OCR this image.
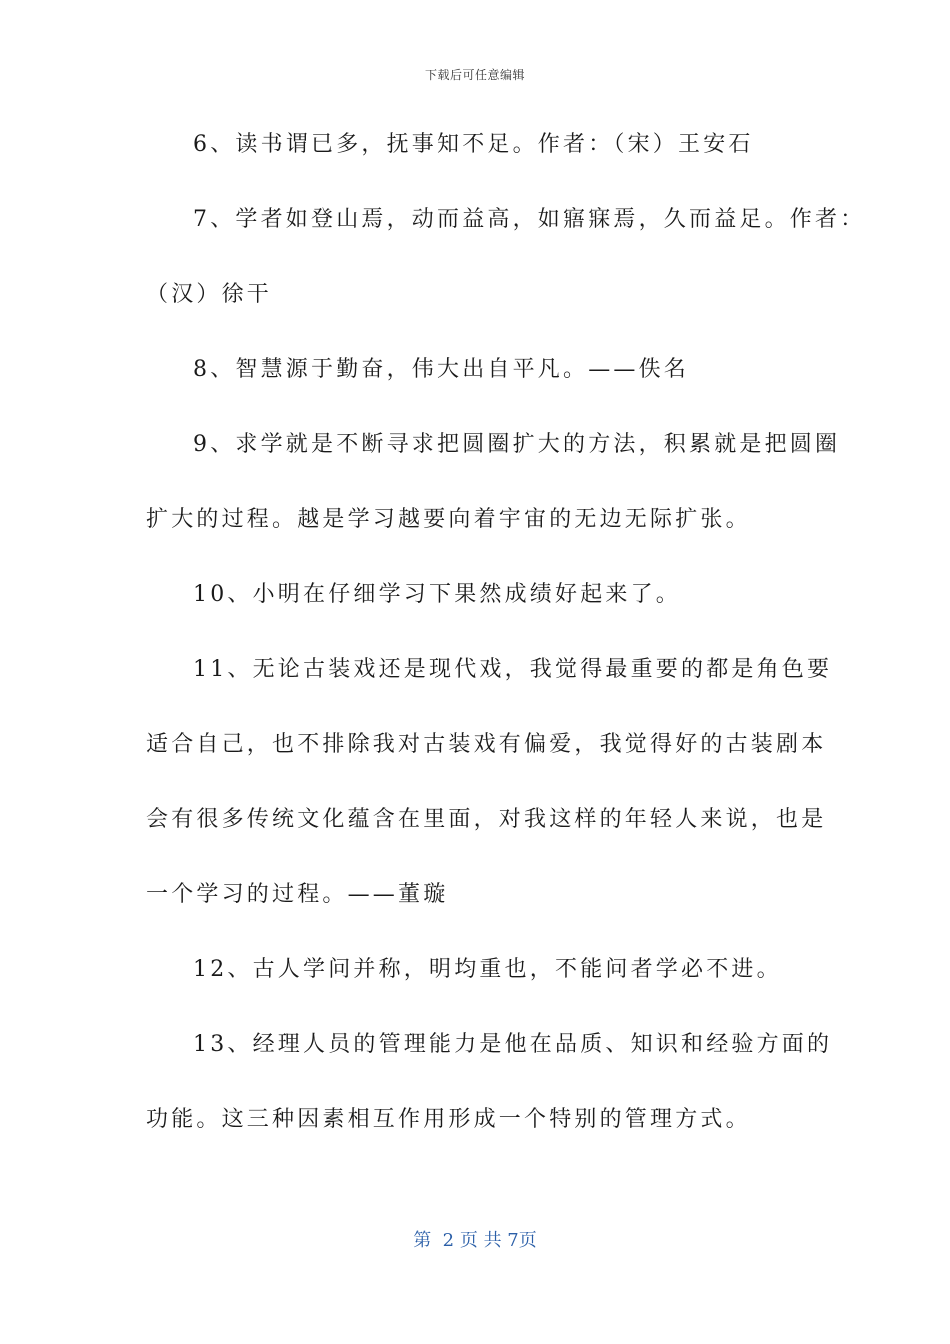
下载后可任意编辑
6、读书谓已多，抚事知不足。作者：（宋）王安石
7、学者如登山焉，动而益高，如寤寐焉，久而益足。作者：
（汉）徐干
8、智慧源于勤奋，伟大出自平凡。——佚名
9、求学就是不断寻求把圆圈扩大的方法，积累就是把圆圈
扩大的过程。越是学习越要向着宇宙的无边无际扩张。
10、小明在仔细学习下果然成绩好起来了。
11、无论古装戏还是现代戏，我觉得最重要的都是角色要
适合自己，也不排除我对古装戏有偏爱，我觉得好的古装剧本
会有很多传统文化蕴含在里面，对我这样的年轻人来说，也是
一个学习的过程。——董璇
12、古人学问并称，明均重也，不能问者学必不进。
13、经理人员的管理能力是他在品质、知识和经验方面的
功能。这三种因素相互作用形成一个特别的管理方式。
第  2 页 共 7页
